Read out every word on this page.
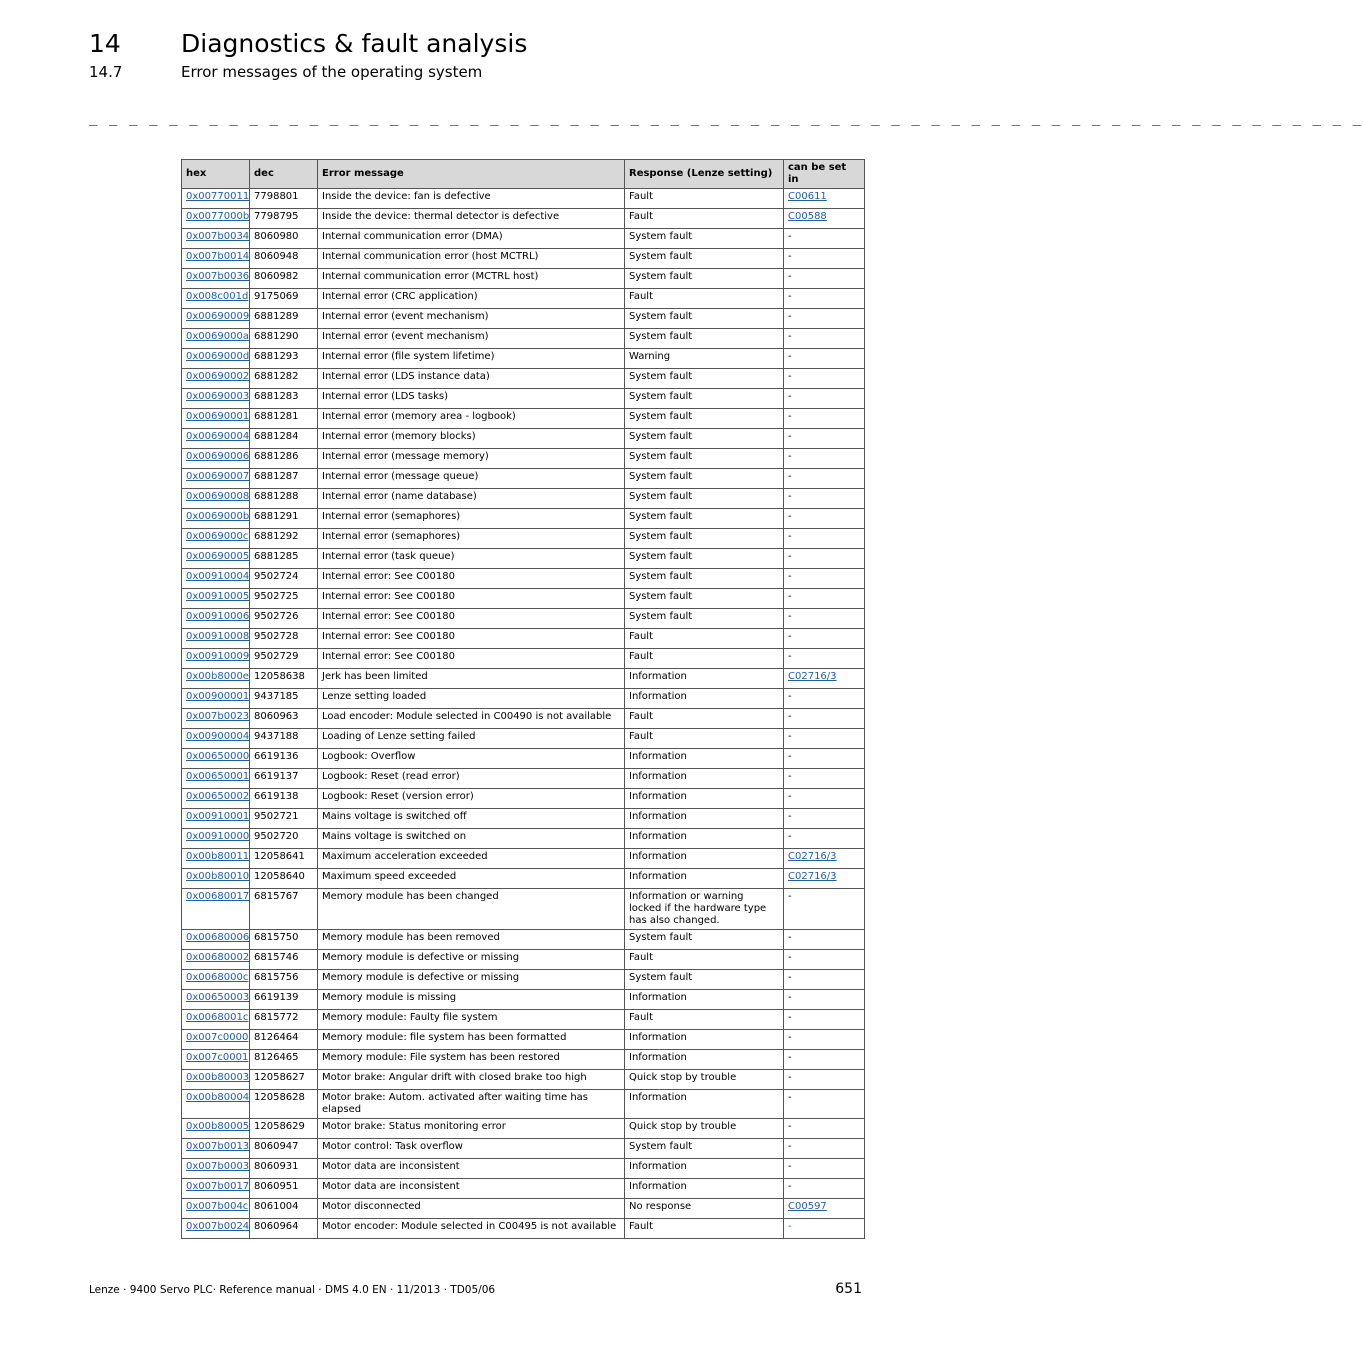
14 Diagnostics & fault analysis
14.7	Error messages of the operating system
_ _ _ _ _ _ _ _ _ _ _ _ _ _ _ _ _ _ _ _ _ _ _ _ _ _ _ _ _ _ _ _ _ _ _ _ _ _ _ _ _ _ _ _ _ _ _ _ _ _ _ _ _ _ _ _ _ _ _ _ _ _ _ _
hex	dec	Error message	Response (Lenze setting)	can be set in
0x00770011	7798801	Inside the device: fan is defective	Fault	C00611
0x0077000b	7798795	Inside the device: thermal detector is defective	Fault	C00588
0x007b0034	8060980	Internal communication error (DMA)	System fault	-
0x007b0014	8060948	Internal communication error (host MCTRL)	System fault	-
0x007b0036	8060982	Internal communication error (MCTRL host)	System fault	-
0x008c001d	9175069	Internal error (CRC application)	Fault	-
0x00690009	6881289	Internal error (event mechanism)	System fault	-
0x0069000a	6881290	Internal error (event mechanism)	System fault	-
0x0069000d	6881293	Internal error (file system lifetime)	Warning	-
0x00690002	6881282	Internal error (LDS instance data)	System fault	-
0x00690003	6881283	Internal error (LDS tasks)	System fault	-
0x00690001	6881281	Internal error (memory area - logbook)	System fault	-
0x00690004	6881284	Internal error (memory blocks)	System fault	-
0x00690006	6881286	Internal error (message memory)	System fault	-
0x00690007	6881287	Internal error (message queue)	System fault	-
0x00690008	6881288	Internal error (name database)	System fault	-
0x0069000b	6881291	Internal error (semaphores)	System fault	-
0x0069000c	6881292	Internal error (semaphores)	System fault	-
0x00690005	6881285	Internal error (task queue)	System fault	-
0x00910004	9502724	Internal error: See C00180	System fault	-
0x00910005	9502725	Internal error: See C00180	System fault	-
0x00910006	9502726	Internal error: See C00180	System fault	-
0x00910008	9502728	Internal error: See C00180	Fault	-
0x00910009	9502729	Internal error: See C00180	Fault	-
0x00b8000e	12058638	Jerk has been limited	Information	C02716/3
0x00900001	9437185	Lenze setting loaded	Information	-
0x007b0023	8060963	Load encoder: Module selected in C00490 is not available	Fault	-
0x00900004	9437188	Loading of Lenze setting failed	Fault	-
0x00650000	6619136	Logbook: Overflow	Information	-
0x00650001	6619137	Logbook: Reset (read error)	Information	-
0x00650002	6619138	Logbook: Reset (version error)	Information	-
0x00910001	9502721	Mains voltage is switched off	Information	-
0x00910000	9502720	Mains voltage is switched on	Information	-
0x00b80011	12058641	Maximum acceleration exceeded	Information	C02716/3
0x00b80010	12058640	Maximum speed exceeded	Information	C02716/3
0x00680017	6815767	Memory module has been changed	Information or warning locked if the hardware type has also changed.	-
0x00680006	6815750	Memory module has been removed	System fault	-
0x00680002	6815746	Memory module is defective or missing	Fault	-
0x0068000c	6815756	Memory module is defective or missing	System fault	-
0x00650003	6619139	Memory module is missing	Information	-
0x0068001c	6815772	Memory module: Faulty file system	Fault	-
0x007c0000	8126464	Memory module: file system has been formatted	Information	-
0x007c0001	8126465	Memory module: File system has been restored	Information	-
0x00b80003	12058627	Motor brake: Angular drift with closed brake too high	Quick stop by trouble	-
0x00b80004	12058628	Motor brake: Autom. activated after waiting time has elapsed	Information	-
0x00b80005	12058629	Motor brake: Status monitoring error	Quick stop by trouble	-
0x007b0013	8060947	Motor control: Task overflow	System fault	-
0x007b0003	8060931	Motor data are inconsistent	Information	-
0x007b0017	8060951	Motor data are inconsistent	Information	-
0x007b004c	8061004	Motor disconnected	No response	C00597
0x007b0024	8060964	Motor encoder: Module selected in C00495 is not available	Fault	-
Lenze · 9400 Servo PLC· Reference manual · DMS 4.0 EN · 11/2013 · TD05/06	651
